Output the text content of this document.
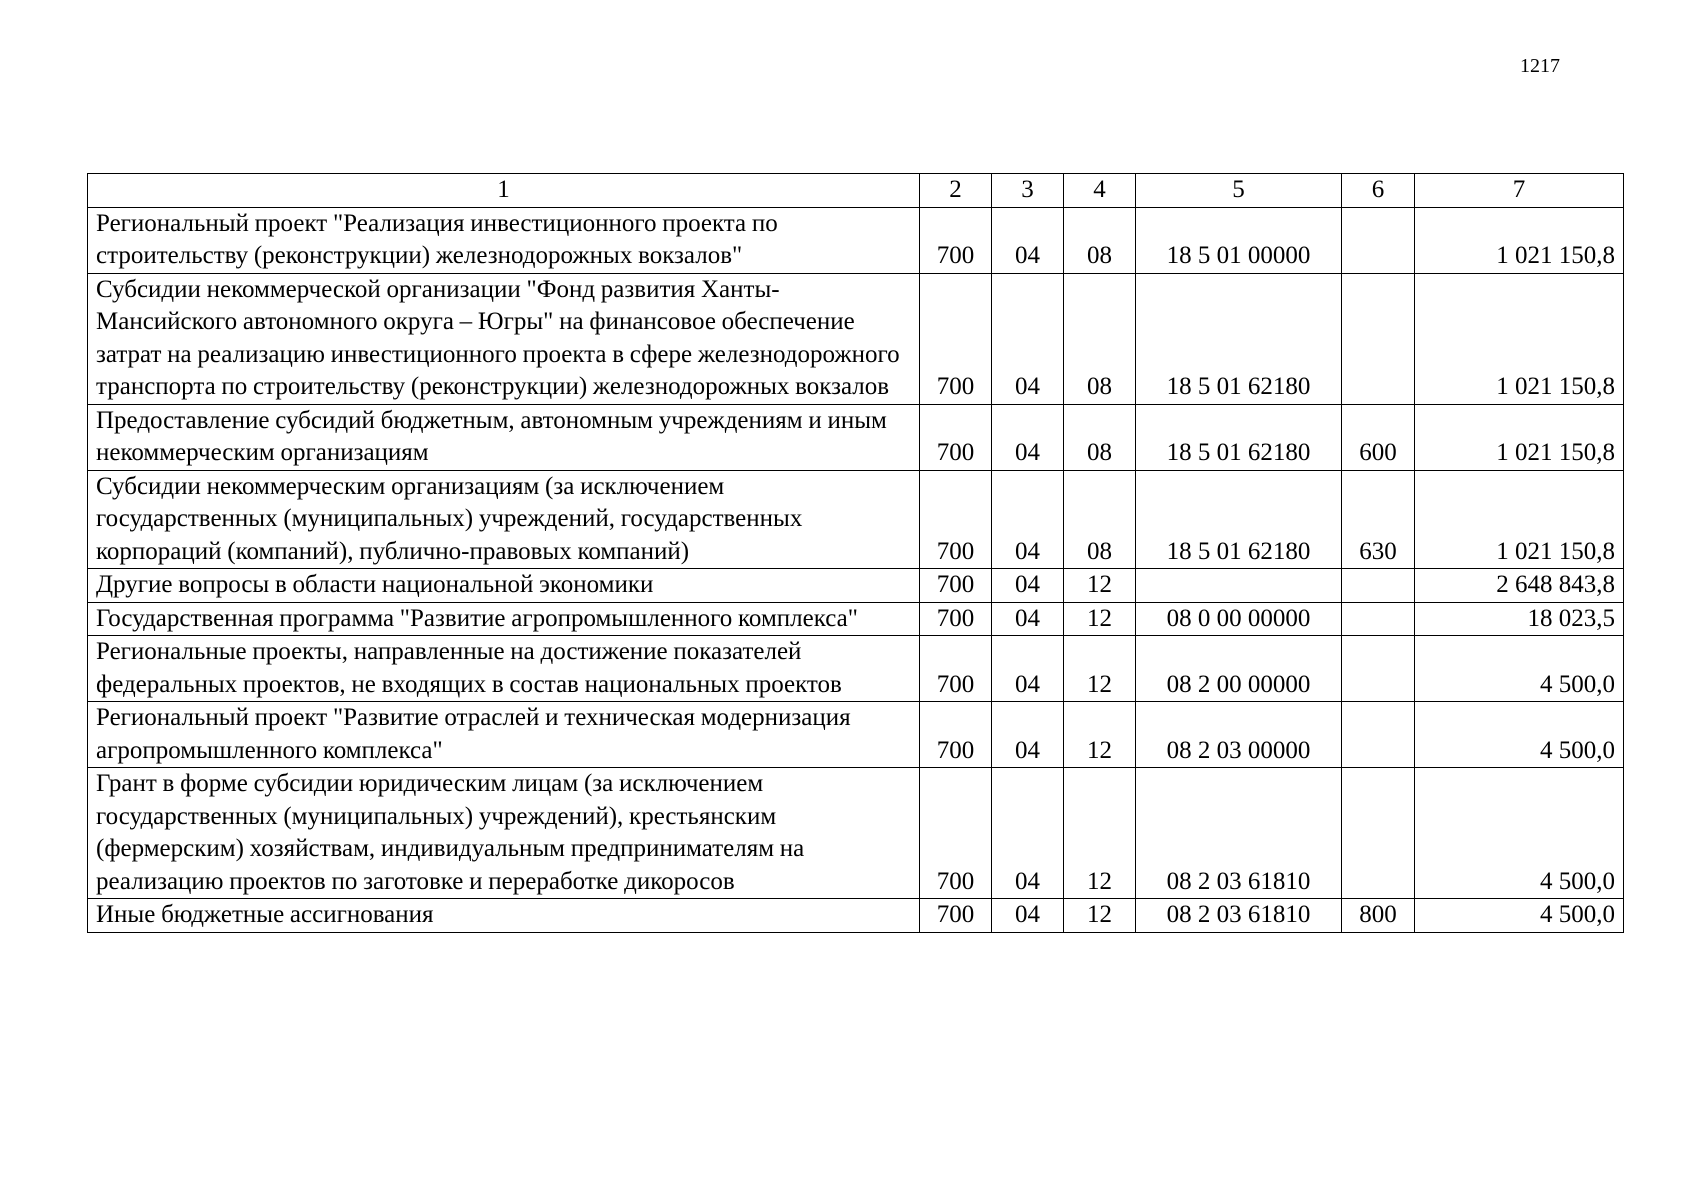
1217
1	2	3	4	5	6	7
Региональный проект "Реализация инвестиционного проекта по строительству (реконструкции) железнодорожных вокзалов"	700	04	08	18 5 01 00000		1 021 150,8
Субсидии некоммерческой организации "Фонд развития Ханты-Мансийского автономного округа – Югры" на финансовое обеспечение затрат на реализацию инвестиционного проекта в сфере железнодорожного транспорта по строительству (реконструкции) железнодорожных вокзалов	700	04	08	18 5 01 62180		1 021 150,8
Предоставление субсидий бюджетным, автономным учреждениям и иным некоммерческим организациям	700	04	08	18 5 01 62180	600	1 021 150,8
Субсидии некоммерческим организациям (за исключением государственных (муниципальных) учреждений, государственных корпораций (компаний), публично-правовых компаний)	700	04	08	18 5 01 62180	630	1 021 150,8
Другие вопросы в области национальной экономики	700	04	12			2 648 843,8
Государственная программа "Развитие агропромышленного комплекса"	700	04	12	08 0 00 00000		18 023,5
Региональные проекты, направленные на достижение показателей федеральных проектов, не входящих в состав национальных проектов	700	04	12	08 2 00 00000		4 500,0
Региональный проект "Развитие отраслей и техническая модернизация агропромышленного комплекса"	700	04	12	08 2 03 00000		4 500,0
Грант в форме субсидии юридическим лицам (за исключением государственных (муниципальных) учреждений), крестьянским (фермерским) хозяйствам, индивидуальным предпринимателям на реализацию проектов по заготовке и переработке дикоросов	700	04	12	08 2 03 61810		4 500,0
Иные бюджетные ассигнования	700	04	12	08 2 03 61810	800	4 500,0
